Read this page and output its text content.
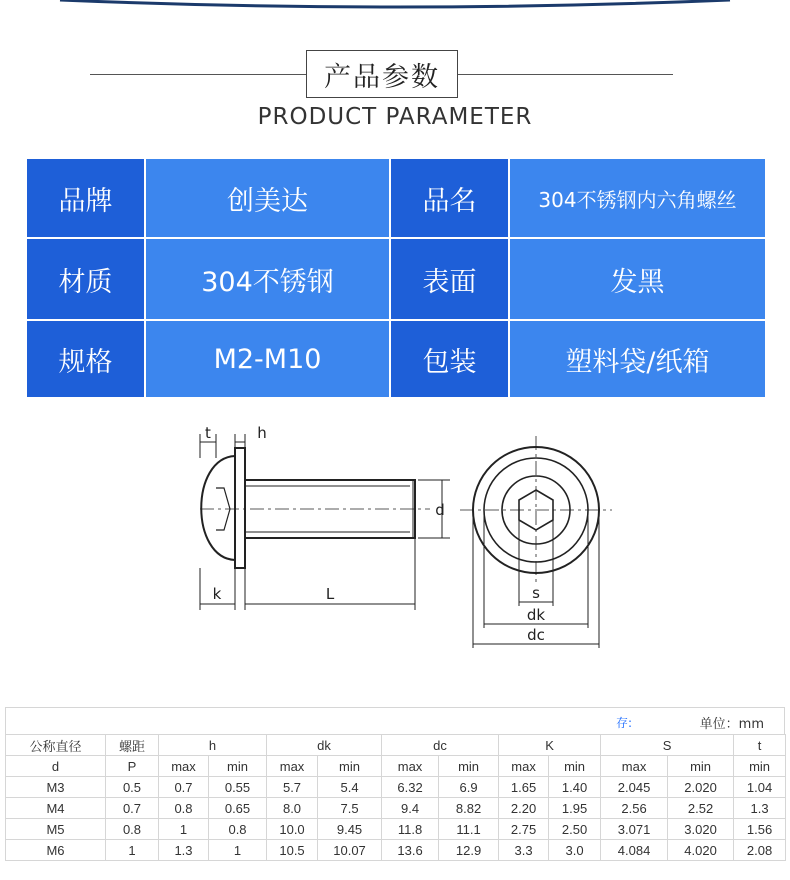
产品参数
PRODUCT PARAMETER
品牌	创美达	品名	304不锈钢内六角螺丝
材质	304不锈钢	表面	发黑
规格	M2-M10	包装	塑料袋/纸箱
t	h
k	L
d
s
dk
dc
存:	单位：mm
公称直径	螺距	h		dk		dc		K		S		t
d	P	max	min	max	min	max	min	max	min	max	min	min
M3	0.5	0.7	0.55	5.7	5.4	6.32	6.9	1.65	1.40	2.045	2.020	1.04
M4	0.7	0.8	0.65	8.0	7.5	9.4	8.82	2.20	1.95	2.56	2.52	1.3
M5	0.8	1	0.8	10.0	9.45	11.8	11.1	2.75	2.50	3.071	3.020	1.56
M6	1	1.3	1	10.5	10.07	13.6	12.9	3.3	3.0	4.084	4.020	2.08
